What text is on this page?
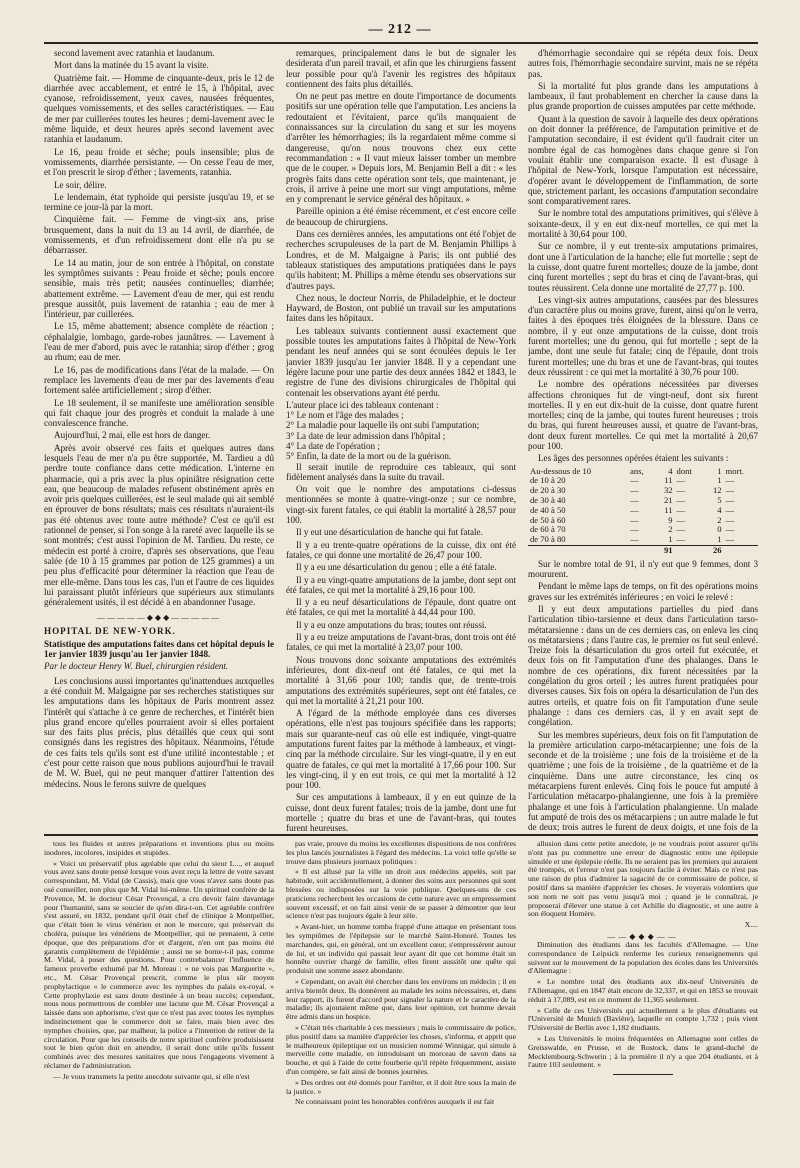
— 212 —

second lavement avec ratanhia et laudanum.

Mort dans la matinée du 15 avant la visite.

Quatrième fait. — Homme de cinquante-deux, pris le 12 de diarrhée avec accablement, et entré le 15, à l'hôpital, avec cyanose, refroidissement, yeux caves, nausées fréquentes, quelques vomissements, et des selles caractéristiques. — Eau de mer par cuillerées toutes les heures ; demi-lavement avec le même liquide, et deux heures après second lavement avec ratanhia et laudanum.

Le 16, peau froide et sèche; pouls insensible; plus de vomissements, diarrhée persistante. — On cesse l'eau de mer, et l'on prescrit le sirop d'éther ; lavements, ratanhia.

Le soir, délire.

Le lendemain, état typhoïde qui persiste jusqu'au 19, et se termine ce jour-là par la mort.

Cinquième fait. — Femme de vingt-six ans, prise brusquement, dans la nuit du 13 au 14 avril, de diarrhée, de vomissements, et d'un refroidissement dont elle n'a pu se débarrasser.

Le 14 au matin, jour de son entrée à l'hôpital, on constate les symptômes suivants : Peau froide et sèche; pouls encore sensible, mais très petit; nausées continuelles; diarrhée; abattement extrême. — Lavement d'eau de mer, qui est rendu presque aussitôt, puis lavement de ratanhia ; eau de mer à l'intérieur, par cuillerées.

Le 15, même abattement; absence complète de réaction ; céphalalgie, lombago, garde-robes jaunâtres. — Lavement à l'eau de mer d'abord, puis avec le ratanhia; sirop d'éther ; grog au rhum; eau de mer.

Le 16, pas de modifications dans l'état de la malade. — On remplace les lavements d'eau de mer par des lavements d'eau fortement salée artificiellement ; sirop d'éther.

Le 18 seulement, il se manifeste une amélioration sensible qui fait chaque jour des progrès et conduit la malade à une convalescence franche.

Aujourd'hui, 2 mai, elle est hors de danger.

Après avoir observé ces faits et quelques autres dans lesquels l'eau de mer n'a pu être supportée, M. Tardieu a dû perdre toute confiance dans cette médication. L'interne en pharmacie, qui a pris avec la plus opiniâtre résignation cette eau, que beaucoup de malades refusent obstinément après en avoir pris quelques cuillerées, est le seul malade qui ait semblé en éprouver de bons résultats; mais ces résultats n'auraient-ils pas été obtenus avec toute autre méthode? C'est ce qu'il est rationnel de penser, si l'on songe à la rareté avec laquelle ils se sont montrés; c'est aussi l'opinion de M. Tardieu. Du reste, ce médecin est porté à croire, d'après ses observations, que l'eau salée (de 10 à 15 grammes par potion de 125 grammes) a un peu plus d'efficacité pour déterminer la réaction que l'eau de mer elle-même. Dans tous les cas, l'un et l'autre de ces liquides lui paraissant plutôt inférieurs que supérieurs aux stimulants généralement usités, il est décidé à en abandonner l'usage.

—————◆◆◆—————

HOPITAL DE NEW-YORK.

Statistique des amputations faites dans cet hôpital depuis le 1er janvier 1839 jusqu'au 1er janvier 1848.

Par le docteur Henry W. Buel, chirurgien résident.

Les conclusions aussi importantes qu'inattendues auxquelles a été conduit M. Malgaigne par ses recherches statistiques sur les amputations dans les hôpitaux de Paris montrent assez l'intérêt qui s'attache à ce genre de recherches, et l'intérêt bien plus grand encore qu'elles pourraient avoir si elles portaient sur des faits plus précis, plus détaillés que ceux qui sont consignés dans les registres des hôpitaux. Néanmoins, l'étude de ces faits tels qu'ils sont est d'une utilité incontestable ; et c'est pour cette raison que nous publions aujourd'hui le travail de M. W. Buel, qui ne peut manquer d'attirer l'attention des médecins. Nous le ferons suivre de quelques

remarques, principalement dans le but de signaler les desiderata d'un pareil travail, et afin que les chirurgiens fassent leur possible pour qu'à l'avenir les registres des hôpitaux contiennent des faits plus détaillés.

On ne peut pas mettre en doute l'importance de documents positifs sur une opération telle que l'amputation. Les anciens la redoutaient et l'évitaient, parce qu'ils manquaient de connaissances sur la circulation du sang et sur les moyens d'arrêter les hémorrhagies; ils la regardaient même comme si dangereuse, qu'on nous trouvons chez eux cette recommandation : « Il vaut mieux laisser tomber un membre que de le couper. » Depuis lors, M. Benjamin Bell a dit : « les progrès faits dans cette opération sont tels, que maintenant, je crois, il arrive à peine une mort sur vingt amputations, même en y comprenant le service général des hôpitaux. »

Pareille opinion a été émise récemment, et c'est encore celle de beaucoup de chirurgiens.

Dans ces dernières années, les amputations ont été l'objet de recherches scrupuleuses de la part de M. Benjamin Phillips à Londres, et de M. Malgaigne à Paris; ils ont publié des tableaux statistiques des amputations pratiquées dans le pays qu'ils habitent; M. Phillips a même étendu ses observations sur d'autres pays.

Chez nous, le docteur Norris, de Philadelphie, et le docteur Hayward, de Boston, ont publié un travail sur les amputations faites dans les hôpitaux.

Les tableaux suivants contiennent aussi exactement que possible toutes les amputations faites à l'hôpital de New-York pendant les neuf années qui se sont écoulées depuis le 1er janvier 1839 jusqu'au 1er janvier 1848. Il y a cependant une légère lacune pour une partie des deux années 1842 et 1843, le registre de l'une des divisions chirurgicales de l'hôpital qui contenait les observations ayant été perdu.

L'auteur place ici des tableaux contenant :

1° Le nom et l'âge des malades ;

2° La maladie pour laquelle ils ont subi l'amputation;

3° La date de leur admission dans l'hôpital ;

4° La date de l'opération ;

5° Enfin, la date de la mort ou de la guérison.

Il serait inutile de reproduire ces tableaux, qui sont fidèlement analysés dans la suite du travail.

On voit que le nombre des amputations ci-dessus mentionnées se monte à quatre-vingt-onze ; sur ce nombre, vingt-six furent fatales, ce qui établit la mortalité à 28,57 pour 100.

Il y eut une désarticulation de hanche qui fut fatale.

Il y a eu trente-quatre opérations de la cuisse, dix ont été fatales, ce qui donne une mortalité de 26,47 pour 100.

Il y a eu une désarticulation du genou ; elle a été fatale.

Il y a eu vingt-quatre amputations de la jambe, dont sept ont été fatales, ce qui met la mortalité à 29,16 pour 100.

Il y a eu neuf désarticulations de l'épaule, dont quatre ont été fatales, ce qui met la mortalité à 44,44 pour 100.

Il y a eu onze amputations du bras; toutes ont réussi.

Il y a eu treize amputations de l'avant-bras, dont trois ont été fatales, ce qui met la mortalité à 23,07 pour 100.

Nous trouvons donc soixante amputations des extrémités inférieures, dont dix-neuf ont été fatales, ce qui met la mortalité à 31,66 pour 100; tandis que, de trente-trois amputations des extrémités supérieures, sept ont été fatales, ce qui met la mortalité à 21,21 pour 100.

A l'égard de la méthode employée dans ces diverses opérations, elle n'est pas toujours spécifiée dans les rapports; mais sur quarante-neuf cas où elle est indiquée, vingt-quatre amputations furent faites par la méthode à lambeaux, et vingt-cinq par la méthode circulaire. Sur les vingt-quatre, il y en eut quatre de fatales, ce qui met la mortalité à 17,66 pour 100. Sur les vingt-cinq, il y en eut trois, ce qui met la mortalité à 12 pour 100.

Sur ces amputations à lambeaux, il y en eut quinze de la cuisse, dont deux furent fatales; trois de la jambe, dont une fut mortelle ; quatre du bras et une de l'avant-bras, qui toutes furent heureuses.

d'hémorrhagie secondaire qui se répéta deux fois. Deux autres fois, l'hémorrhagie secondaire survint, mais ne se répéta pas.

Si la mortalité fut plus grande dans les amputations à lambeaux, il faut probablement en chercher la cause dans la plus grande proportion de cuisses amputées par cette méthode.

Quant à la question de savoir à laquelle des deux opérations on doit donner la préférence, de l'amputation primitive et de l'amputation secondaire, il est évident qu'il faudrait citer un nombre égal de cas homogènes dans chaque genre si l'on voulait établir une comparaison exacte. Il est d'usage à l'hôpital de New-York, lorsque l'amputation est nécessaire, d'opérer avant le développement de l'inflammation, de sorte que, strictement parlant, les occasions d'amputation secondaire sont comparativement rares.

Sur le nombre total des amputations primitives, qui s'élève à soixante-deux, il y en eut dix-neuf mortelles, ce qui met la mortalité à 30,64 pour 100.

Sur ce nombre, il y eut trente-six amputations primaires, dont une à l'articulation de la hanche; elle fut mortelle ; sept de la cuisse, dont quatre furent mortelles; douze de la jambe, dont cinq furent mortelles ; sept du bras et cinq de l'avant-bras, qui toutes réussirent. Cela donne une mortalité de 27,77 p. 100.

Les vingt-six autres amputations, causées par des blessures d'un caractère plus ou moins grave, furent, ainsi qu'on le verra, faites à des époques très éloignées de la blessure. Dans ce nombre, il y eut onze amputations de la cuisse, dont trois furent mortelles; une du genou, qui fut mortelle ; sept de la jambe, dont une seule fut fatale; cinq de l'épaule, dont trois furent mortelles; une du bras et une de l'avant-bras, qui toutes deux réussirent : ce qui met la mortalité à 30,76 pour 100.

Le nombre des opérations nécessitées par diverses affections chroniques fut de vingt-neuf, dont six furent mortelles. Il y en eut dix-huit de la cuisse, dont quatre furent mortelles; cinq de la jambe, qui toutes furent heureuses ; trois du bras, qui furent heureuses aussi, et quatre de l'avant-bras, dont deux furent mortelles. Ce qui met la mortalité à 20,67 pour 100.

Les âges des personnes opérées étaient les suivants :

Au-dessous de 10	ans,	4	dont	1	mort.
de 10 à 20	—	11	—	1	—
de 20 à 30	—	32	—	12	—
de 30 à 40	—	21	—	5	—
de 40 à 50	—	11	—	4	—
de 50 à 60	—	9	—	2	—
de 60 à 70	—	2	—	0	—
de 70 à 80	—	1	—	1	—
		91		26	

Sur le nombre total de 91, il n'y eut que 9 femmes, dont 3 moururent.

Pendant le même laps de temps, on fit des opérations moins graves sur les extrémités inférieures ; en voici le relevé :

Il y eut deux amputations partielles du pied dans l'articulation tibio-tarsienne et deux dans l'articulation tarso-métatarsienne : dans un de ces derniers cas, on enleva les cinq os métatarsiens ; dans l'autre cas, le premier os fut seul enlevé. Treize fois la désarticulation du gros orteil fut exécutée, et deux fois on fit l'amputation d'une des phalanges. Dans le nombre de ces opérations, dix furent nécessitées par la congélation du gros orteil ; les autres furent pratiquées pour diverses causes. Six fois on opéra la désarticulation de l'un des autres orteils, et quatre fois on fit l'amputation d'une seule phalange : dans ces derniers cas, il y en avait sept de congélation.

Sur les membres supérieurs, deux fois on fit l'amputation de la première articulation carpo-métacarpienne; une fois de la seconde et de la troisième ; une fois de la troisième et de la quatrième ; une fois de la troisième , de la quatrième et de la cinquième. Dans une autre circonstance, les cinq os métacarpiens furent enlevés. Cinq fois le pouce fut amputé à l'articulation métacarpo-phalangienne, une fois à la première phalange et une fois à l'articulation phalangienne. Un malade fut amputé de trois des os métacarpiens ; un autre malade le fut de deux; trois autres le furent de deux doigts, et une fois de la

tous les fluides et autres préparations et inventions plus ou moins inodores, incolores, insipides et stupides.

« Voici un préservatif plus agréable que celui du sieur L..., et auquel vous avez sans doute pensé lorsque vous avez reçu la lettre de votre savant correspondant, M. Vidal (de Cassis), mais que vous n'avez sans doute pas osé conseiller, non plus que M. Vidal lui-même. Un spirituel confrère de la Provence, M. le docteur César Provençal, a cru devoir faire davantage pour l'humanité, sans se soucier de qu'en dira-t-on. Cet agréable confrère s'est assuré, en 1832, pendant qu'il était chef de clinique à Montpellier, que c'était bien le virus vénérien et non le mercure, qui préservait du choléra, puisque les vénériens de Montpellier, qui ne prenaient, à cette époque, que des préparations d'or et d'argent, n'en ont pas moins été garantis complètement de l'épidémie ; aussi ne se borne-t-il pas, comme M. Vidal, à poser des questions. Pour contrebalancer l'influence du fameux proverbe exhumé par M. Moreau : « ne vois pas Marguerite », etc., M. César Provençal prescrit, comme le plus sûr moyen prophylactique « le commerce avec les nymphes du palais ex-royal. » Cette prophylaxie est sans doute destinée à un beau succès; cependant, nous nous permettrons de combler une lacune que M. César Provençal a laissée dans son aphorisme, c'est que ce n'est pas avec toutes les nymphes indistinctement que le commerce doit se faire, mais bien avec des nymphes choisies, que, par malheur, la police a l'intention de retirer de la circulation. Pour que les conseils de notre spirituel confrère produisissent tout le bien qu'on doit en attendre, il serait donc utile qu'ils fussent combinés avec des mesures sanitaires que nous l'engageons vivement à réclamer de l'administration.

— Je vous transmets la petite anecdote suivante qui, si elle n'est

pas vraie, prouve du moins les excellentes dispositions de nos confrères les plus lancés journalistes à l'égard des médecins. La voici telle qu'elle se trouve dans plusieurs journaux politiques :

« Il est allusé par la ville un droit aux médecins appelés, soit par habitude, soit accidentellement, à donner des soins aux personnes qui sont blessées ou indisposées sur la voie publique. Quelques-uns de ces praticiens recherchent les occasions de cette nature avec un empressement souvent excessif, et on fait ainsi venir de se passer à démontrer que leur science n'est pas toujours égale à leur zèle.

» Avant-hier, un homme tomba frappé d'une attaque en présentant tous les symptômes de l'épilepsie sur le marché Saint-Honoré. Toutes les marchandes, qui, en général, ont un excellent cœur, s'empressèrent autour de lui, et un individu qui passait leur ayant dit que cet homme était un honnête ouvrier chargé de famille, elles firent aussitôt une quête qui produisit une somme assez abondante.

» Cependant, on avait été chercher dans les environs un médecin ; il en arriva bientôt deux. Ils donnèrent au malade les soins nécessaires, et, dans leur rapport, ils furent d'accord pour signaler la nature et le caractère de la maladie; ils ajoutaient même que, dans leur opinion, cet homme devait être admis dans un hospice.

» C'était très charitable à ces messieurs ; mais le commissaire de police, plus positif dans sa manière d'apprécier les choses, s'informa, et apprit que le malheureux épileptique est un musicien nommé Winnigar, qui simule à merveille cette maladie, en introduisant un morceau de savon dans sa bouche, et qui à l'aide de cette fourberie qu'il répète fréquemment, assiste d'un compère, se fait ainsi de bonnes journées.

» Des ordres ont été donnés pour l'arrêter, et il doit être sous la main de la justice. »

Ne connaissant point les honorables confrères auxquels il est fait

allusion dans cette petite anecdote, je ne voudrais point assurer qu'ils n'ont pas pu commettre une erreur de diagnostic entre une épilepsie simulée et une épilepsie réelle. Ils ne seraient pas les premiers qui auraient été trompés, et l'erreur n'est pas toujours facile à éviter. Mais ce n'est pas une raison de plus d'admirer la sagacité de ce commissaire de police, si positif dans sa manière d'apprécier les choses. Je voyerais volontiers que son nom ne soit pas venu jusqu'à moi ; quand je le connaîtrai, je proposerai d'élever une statue à cet Achille du diagnostic, et une autre à son éloquent Homère.

X....

——◆◆◆——

Diminution des étudiants dans les facultés d'Allemagne. — Une correspondance de Leipsick renferme les curieux renseignements qui suivent sur le mouvement de la population des écoles dans les Universités d'Allemagne :

« Le nombre total des étudiants aux dix-neuf Universités de l'Allemagne, qui en 1847 était encore de 32,337, et qui en 1853 se trouvait réduit à 17,089, est en ce moment de 11,365 seulement.

» Celle de ces Universités qui actuellement a le plus d'étudiants est l'Université de Munich (Bavière), laquelle en compte 1,732 ; puis vient l'Université de Berlin avec 1,182 étudiants.

» Les Universités le moins fréquentées en Allemagne sont celles de Greisswalde, en Prusse, et de Rostock, dans le grand-duché de Mecklembourg-Schwerin ; à la première il n'y a que 204 étudiants, et à l'autre 103 seulement. »
